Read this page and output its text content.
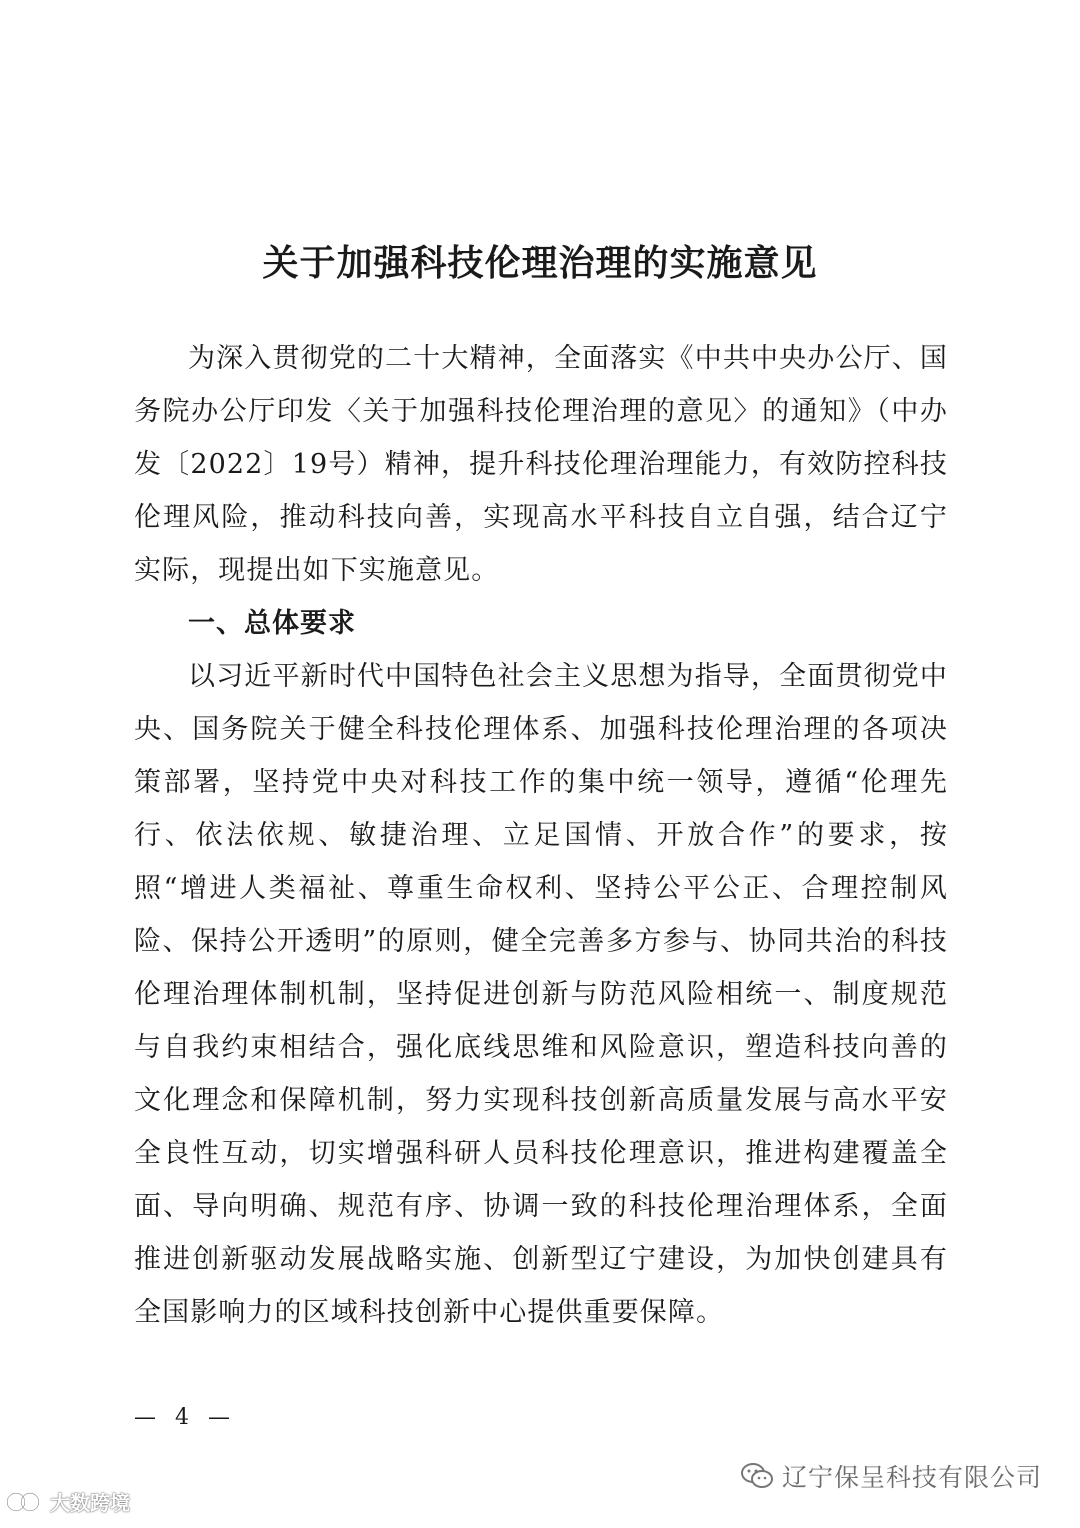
关于加强科技伦理治理的实施意见

为深入贯彻党的二十大精神，全面落实《中共中央办公厅、国务院办公厅印发〈关于加强科技伦理治理的意见〉的通知》（中办发〔2022〕19号）精神，提升科技伦理治理能力，有效防控科技伦理风险，推动科技向善，实现高水平科技自立自强，结合辽宁实际，现提出如下实施意见。

一、总体要求

以习近平新时代中国特色社会主义思想为指导，全面贯彻党中央、国务院关于健全科技伦理体系、加强科技伦理治理的各项决策部署，坚持党中央对科技工作的集中统一领导，遵循“伦理先行、依法依规、敏捷治理、立足国情、开放合作”的要求，按照“增进人类福祉、尊重生命权利、坚持公平公正、合理控制风险、保持公开透明”的原则，健全完善多方参与、协同共治的科技伦理治理体制机制，坚持促进创新与防范风险相统一、制度规范与自我约束相结合，强化底线思维和风险意识，塑造科技向善的文化理念和保障机制，努力实现科技创新高质量发展与高水平安全良性互动，切实增强科研人员科技伦理意识，推进构建覆盖全面、导向明确、规范有序、协调一致的科技伦理治理体系，全面推进创新驱动发展战略实施、创新型辽宁建设，为加快创建具有全国影响力的区域科技创新中心提供重要保障。

— 4 —
辽宁保呈科技有限公司
大数跨境
